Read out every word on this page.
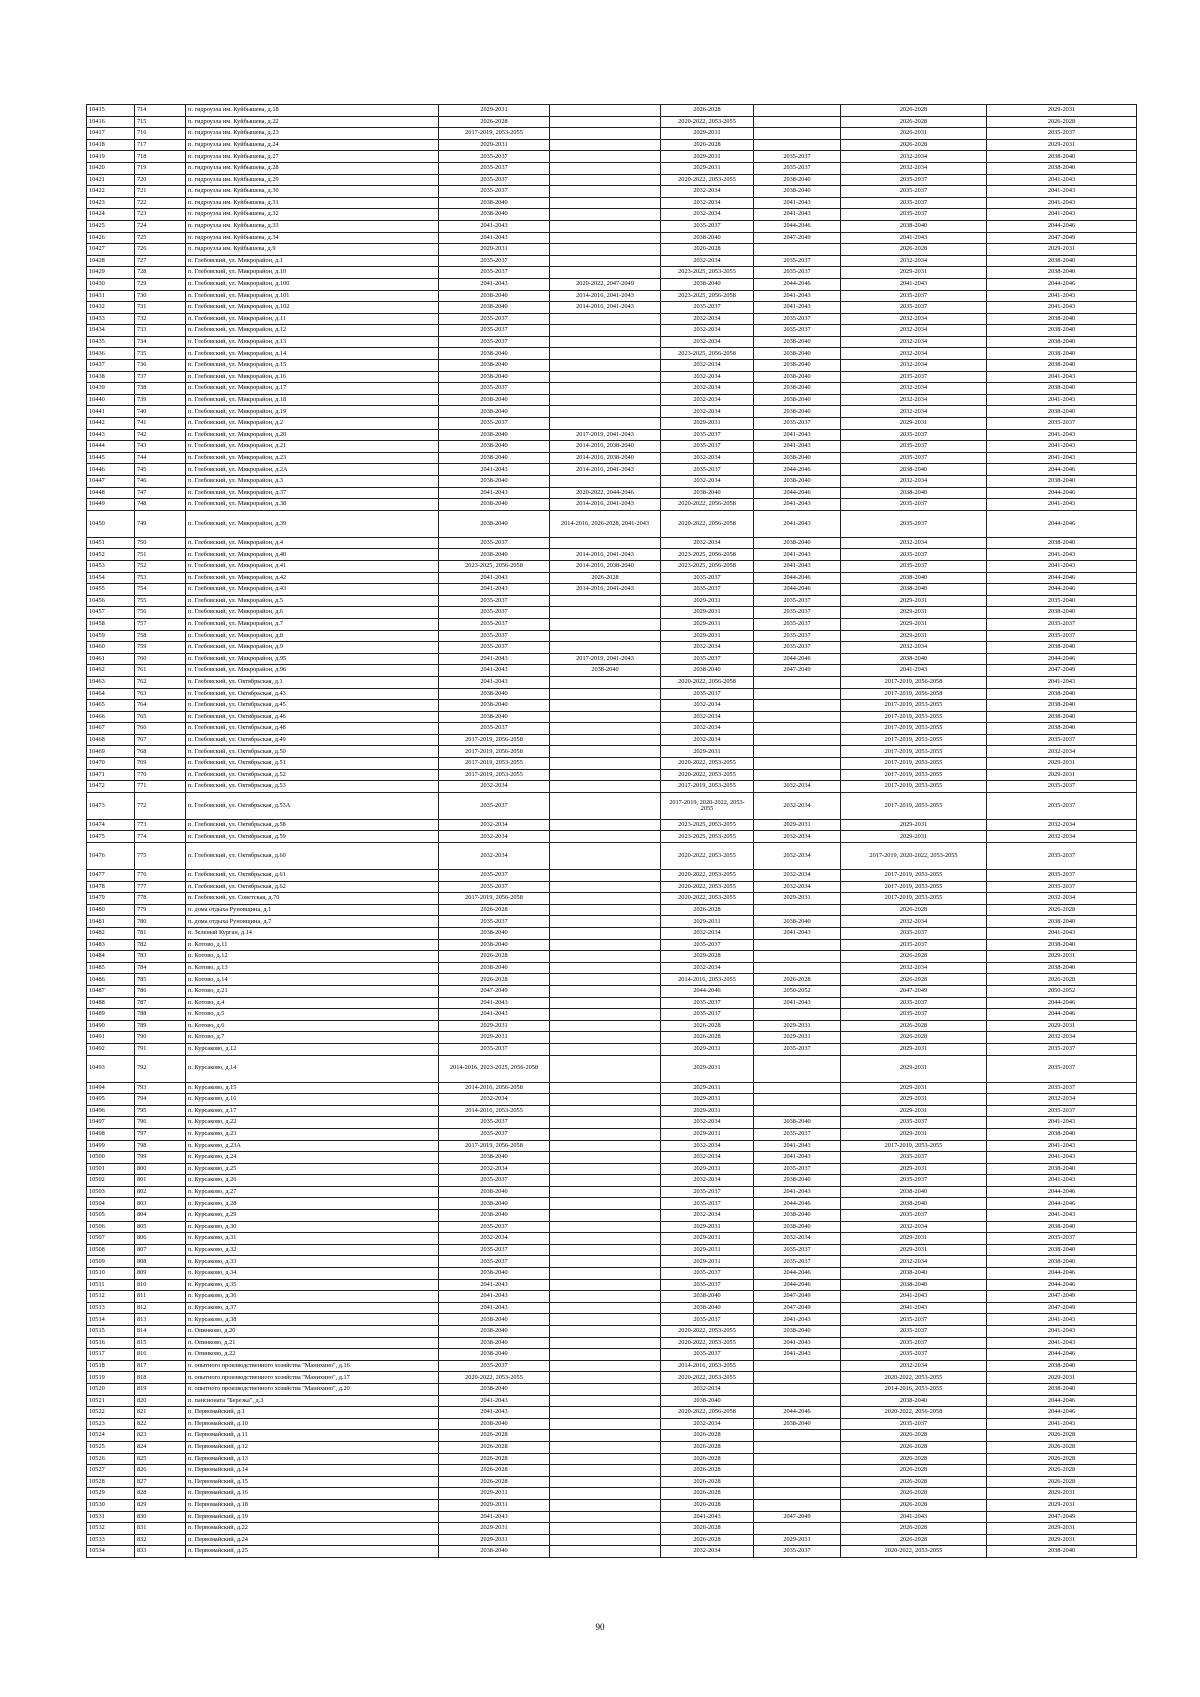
10415	714	п. гидроузла им. Куйбышева, д.18	2029-2031		2026-2028		2026-2028	2029-2031
10416	715	п. гидроузла им. Куйбышева, д.22	2026-2028		2020-2022, 2053-2055		2026-2028	2026-2028
10417	716	п. гидроузла им. Куйбышева, д.23	2017-2019, 2053-2055		2029-2031		2026-2031	2035-2037
10418	717	п. гидроузла им. Куйбышева, д.24	2029-2031		2026-2028		2026-2028	2029-2031
10419	718	п. гидроузла им. Куйбышева, д.27	2035-2037		2029-2031	2035-2037	2032-2034	2038-2040
10420	719	п. гидроузла им. Куйбышева, д.28	2035-2037		2029-2031	2035-2037	2032-2034	2038-2040
10421	720	п. гидроузла им. Куйбышева, д.29	2035-2037		2020-2022, 2053-2055	2038-2040	2035-2037	2041-2043
10422	721	п. гидроузла им. Куйбышева, д.30	2035-2037		2032-2034	2038-2040	2035-2037	2041-2043
10423	722	п. гидроузла им. Куйбышева, д.31	2038-2040		2032-2034	2041-2043	2035-2037	2041-2043
10424	723	п. гидроузла им. Куйбышева, д.32	2038-2040		2032-2034	2041-2043	2035-2037	2041-2043
10425	724	п. гидроузла им. Куйбышева, д.33	2041-2043		2035-2037	2044-2046	2038-2040	2044-2046
10426	725	п. гидроузла им. Куйбышева, д.34	2041-2043		2038-2040	2047-2049	2041-2043	2047-2049
10427	726	п. гидроузла им. Куйбышева, д.9	2029-2031		2026-2028		2026-2028	2029-2031
10428	727	п. Глебовский, ул. Микрорайон, д.1	2035-2037		2032-2034	2035-2037	2032-2034	2038-2040
10429	728	п. Глебовский, ул. Микрорайон, д.10	2035-2037		2023-2025, 2053-2055	2035-2037	2029-2031	2038-2040
10430	729	п. Глебовский, ул. Микрорайон, д.100	2041-2043	2020-2022, 2047-2049	2038-2040	2044-2046	2041-2043	2044-2046
10431	730	п. Глебовский, ул. Микрорайон, д.101	2038-2040	2014-2016, 2041-2043	2023-2025, 2056-2058	2041-2043	2035-2037	2041-2043
10432	731	п. Глебовский, ул. Микрорайон, д.102	2038-2040	2014-2016, 2041-2043	2035-2037	2041-2043	2035-2037	2041-2043
10433	732	п. Глебовский, ул. Микрорайон, д.11	2035-2037		2032-2034	2035-2037	2032-2034	2038-2040
10434	733	п. Глебовский, ул. Микрорайон, д.12	2035-2037		2032-2034	2035-2037	2032-2034	2038-2040
10435	734	п. Глебовский, ул. Микрорайон, д.13	2035-2037		2032-2034	2038-2040	2032-2034	2038-2040
10436	735	п. Глебовский, ул. Микрорайон, д.14	2038-2040		2023-2025, 2056-2058	2038-2040	2032-2034	2038-2040
10437	736	п. Глебовский, ул. Микрорайон, д.15	2038-2040		2032-2034	2038-2040	2032-2034	2038-2040
10438	737	п. Глебовский, ул. Микрорайон, д.16	2038-2040		2032-2034	2038-2040	2035-2037	2041-2043
10439	738	п. Глебовский, ул. Микрорайон, д.17	2035-2037		2032-2034	2038-2040	2032-2034	2038-2040
10440	739	п. Глебовский, ул. Микрорайон, д.18	2038-2040		2032-2034	2038-2040	2032-2034	2041-2043
10441	740	п. Глебовский, ул. Микрорайон, д.19	2038-2040		2032-2034	2038-2040	2032-2034	2038-2040
10442	741	п. Глебовский, ул. Микрорайон, д.2	2035-2037		2029-2031	2035-2037	2029-2031	2035-2037
10443	742	п. Глебовский, ул. Микрорайон, д.20	2038-2040	2017-2019, 2041-2043	2035-2037	2041-2043	2035-2037	2041-2043
10444	743	п. Глебовский, ул. Микрорайон, д.21	2038-2040	2014-2016, 2038-2040	2035-2037	2041-2043	2035-2037	2041-2043
10445	744	п. Глебовский, ул. Микрорайон, д.23	2038-2040	2014-2016, 2038-2040	2032-2034	2038-2040	2035-2037	2041-2043
10446	745	п. Глебовский, ул. Микрорайон, д.2А	2041-2043	2014-2016, 2041-2043	2035-2037	2044-2046	2038-2040	2044-2046
10447	746	п. Глебовский, ул. Микрорайон, д.3	2038-2040		2032-2034	2038-2040	2032-2034	2038-2040
10448	747	п. Глебовский, ул. Микрорайон, д.37	2041-2043	2020-2022, 2044-2046	2038-2040	2044-2046	2038-2040	2044-2046
10449	748	п. Глебовский, ул. Микрорайон, д.38	2038-2040	2014-2016, 2041-2043	2020-2022, 2056-2058	2041-2043	2035-2037	2041-2043
10450	749	п. Глебовский, ул. Микрорайон, д.39	2038-2040	2014-2016, 2026-2028, 2041-2043	2020-2022, 2056-2058	2041-2043	2035-2037	2044-2046
10451	750	п. Глебовский, ул. Микрорайон, д.4	2035-2037		2032-2034	2038-2040	2032-2034	2038-2040
10452	751	п. Глебовский, ул. Микрорайон, д.40	2038-2040	2014-2016, 2041-2043	2023-2025, 2056-2058	2041-2043	2035-2037	2041-2043
10453	752	п. Глебовский, ул. Микрорайон, д.41	2023-2025, 2056-2058	2014-2016, 2038-2040	2023-2025, 2056-2058	2041-2043	2035-2037	2041-2043
10454	753	п. Глебовский, ул. Микрорайон, д.42	2041-2043	2026-2028	2035-2037	2044-2046	2038-2040	2044-2046
10455	754	п. Глебовский, ул. Микрорайон, д.43	2041-2043	2014-2016, 2041-2043	2035-2037	2044-2046	2038-2040	2044-2046
10456	755	п. Глебовский, ул. Микрорайон, д.5	2035-2037		2029-2031	2035-2037	2029-2031	2035-2040
10457	756	п. Глебовский, ул. Микрорайон, д.6	2035-2037		2029-2031	2035-2037	2029-2031	2038-2040
10458	757	п. Глебовский, ул. Микрорайон, д.7	2035-2037		2029-2031	2035-2037	2029-2031	2035-2037
10459	758	п. Глебовский, ул. Микрорайон, д.8	2035-2037		2029-2031	2035-2037	2029-2031	2035-2037
10460	759	п. Глебовский, ул. Микрорайон, д.9	2035-2037		2032-2034	2035-2037	2032-2034	2038-2040
10461	760	п. Глебовский, ул. Микрорайон, д.95	2041-2043	2017-2019, 2041-2043	2035-2037	2044-2046	2038-2040	2044-2046
10462	761	п. Глебовский, ул. Микрорайон, д.96	2041-2043	2038-2040	2038-2040	2047-2049	2041-2043	2047-2049
10463	762	п. Глебовский, ул. Октябрьская, д.1	2041-2043		2020-2022, 2056-2058		2017-2019, 2056-2058	2041-2043
10464	763	п. Глебовский, ул. Октябрьская, д.43	2038-2040		2035-2037		2017-2019, 2056-2058	2038-2040
10465	764	п. Глебовский, ул. Октябрьская, д.45	2038-2040		2032-2034		2017-2019, 2053-2055	2038-2040
10466	765	п. Глебовский, ул. Октябрьская, д.46	2038-2040		2032-2034		2017-2019, 2053-2055	2038-2040
10467	766	п. Глебовский, ул. Октябрьская, д.48	2035-2037		2032-2034		2017-2019, 2053-2055	2038-2040
10468	767	п. Глебовский, ул. Октябрьская, д.49	2017-2019, 2056-2058		2032-2034		2017-2019, 2053-2055	2035-2037
10469	768	п. Глебовский, ул. Октябрьская, д.50	2017-2019, 2056-2058		2029-2031		2017-2019, 2053-2055	2032-2034
10470	769	п. Глебовский, ул. Октябрьская, д.51	2017-2019, 2053-2055		2020-2022, 2053-2055		2017-2019, 2053-2055	2029-2031
10471	770	п. Глебовский, ул. Октябрьская, д.52	2017-2019, 2053-2055		2020-2022, 2053-2055		2017-2019, 2053-2055	2029-2031
10472	771	п. Глебовский, ул. Октябрьская, д.53	2032-2034		2017-2019, 2053-2055	2032-2034	2017-2019, 2053-2055	2035-2037
10473	772	п. Глебовский, ул. Октябрьская, д.53А	2035-2037		2017-2019, 2020-2022, 2053-2055	2032-2034	2017-2019, 2053-2055	2035-2037
10474	773	п. Глебовский, ул. Октябрьская, д.58	2032-2034		2023-2025, 2053-2055	2029-2031	2029-2031	2032-2034
10475	774	п. Глебовский, ул. Октябрьская, д.59	2032-2034		2023-2025, 2053-2055	2032-2034	2029-2031	2032-2034
10476	775	п. Глебовский, ул. Октябрьская, д.60	2032-2034		2020-2022, 2053-2055	2032-2034	2017-2019, 2020-2022, 2053-2055	2035-2037
10477	776	п. Глебовский, ул. Октябрьская, д.61	2035-2037		2020-2022, 2053-2055	2032-2034	2017-2019, 2053-2055	2035-2037
10478	777	п. Глебовский, ул. Октябрьская, д.62	2035-2037		2020-2022, 2053-2055	2032-2034	2017-2019, 2053-2055	2035-2037
10479	778	п. Глебовский, ул. Советская, д.70	2017-2019, 2056-2058		2020-2022, 2053-2055	2029-2031	2017-2019, 2053-2055	2032-2034
10480	779	п. дома отдыха Руновщина, д.1	2026-2028		2026-2028		2026-2028	2026-2028
10481	780	п. дома отдыха Руновщина, д.7	2035-2037		2029-2031	2038-2040	2032-2034	2038-2040
10482	781	п. Зеленый Курган, д.14	2038-2040		2032-2034	2041-2043	2035-2037	2041-2043
10483	782	п. Котово, д.11	2038-2040		2035-2037		2035-2037	2038-2040
10484	783	п. Котово, д.12	2026-2028		2029-2028		2026-2028	2029-2031
10485	784	п. Котово, д.13	2038-2040		2032-2034		2032-2034	2038-2040
10486	785	п. Котово, д.14	2026-2028		2014-2016, 2053-2055	2026-2028	2026-2028	2026-2028
10487	786	п. Котово, д.21	2047-2049		2044-2046	2050-2052	2047-2049	2050-2052
10488	787	п. Котово, д.4	2041-2043		2035-2037	2041-2043	2035-2037	2044-2046
10489	788	п. Котово, д.5	2041-2043		2035-2037		2035-2037	2044-2046
10490	789	п. Котово, д.6	2029-2031		2026-2028	2029-2031	2026-2028	2029-2031
10491	790	п. Котово, д.7	2029-2031		2026-2028	2029-2031	2026-2028	2032-2034
10492	791	п. Курсаково, д.12	2035-2037		2029-2031	2035-2037	2029-2031	2035-2037
10493	792	п. Курсаково, д.14	2014-2016, 2023-2025, 2056-2058		2029-2031		2029-2031	2035-2037
10494	793	п. Курсаково, д.15	2014-2016, 2056-2058		2029-2031		2029-2031	2035-2037
10495	794	п. Курсаково, д.16	2032-2034		2029-2031		2029-2031	2032-2034
10496	795	п. Курсаково, д.17	2014-2016, 2053-2055		2029-2031		2029-2031	2035-2037
10497	796	п. Курсаково, д.22	2035-2037		2032-2034	2038-2040	2035-2037	2041-2043
10498	797	п. Курсаково, д.23	2035-2037		2029-2031	2035-2037	2029-2031	2038-2040
10499	798	п. Курсаково, д.23А	2017-2019, 2056-2058		2032-2034	2041-2043	2017-2019, 2053-2055	2041-2043
10500	799	п. Курсаково, д.24	2038-2040		2032-2034	2041-2043	2035-2037	2041-2043
10501	800	п. Курсаково, д.25	2032-2034		2029-2031	2035-2037	2029-2031	2038-2040
10502	801	п. Курсаково, д.26	2035-2037		2032-2034	2038-2040	2035-2037	2041-2043
10503	802	п. Курсаково, д.27	2038-2040		2035-2037	2041-2043	2038-2040	2044-2046
10504	803	п. Курсаково, д.28	2038-2040		2035-2037	2044-2046	2038-2040	2044-2046
10505	804	п. Курсаково, д.29	2038-2040		2032-2034	2038-2040	2035-2037	2041-2043
10506	805	п. Курсаково, д.30	2035-2037		2029-2031	2038-2040	2032-2034	2038-2040
10507	806	п. Курсаково, д.31	2032-2034		2029-2031	2032-2034	2029-2031	2035-2037
10508	807	п. Курсаково, д.32	2035-2037		2029-2031	2035-2037	2029-2031	2038-2040
10509	808	п. Курсаково, д.33	2035-2037		2029-2031	2035-2037	2032-2034	2038-2040
10510	809	п. Курсаково, д.34	2038-2040		2035-2037	2044-2046	2038-2040	2044-2046
10511	810	п. Курсаково, д.35	2041-2043		2035-2037	2044-2046	2038-2040	2044-2046
10512	811	п. Курсаково, д.36	2041-2043		2038-2040	2047-2049	2041-2043	2047-2049
10513	812	п. Курсаково, д.37	2041-2043		2038-2040	2047-2049	2041-2043	2047-2049
10514	813	п. Курсаково, д.38	2038-2040		2035-2037	2041-2043	2035-2037	2041-2043
10515	814	п. Опинково, д.20	2038-2040		2020-2022, 2053-2055	2038-2040	2035-2037	2041-2043
10516	815	п. Опинково, д.21	2038-2040		2020-2022, 2053-2055	2041-2043	2035-2037	2041-2043
10517	816	п. Опинково, д.22	2038-2040		2035-2037	2041-2043	2035-2037	2044-2046
10518	817	п. опытного производственного хозяйства "Манихино", д.16	2035-2037		2014-2016, 2053-2055		2032-2034	2038-2040
10519	818	п. опытного производственного хозяйства "Манихино", д.17	2020-2022, 2053-2055		2020-2022, 2053-2055		2020-2022, 2053-2055	2029-2031
10520	819	п. опытного производственного хозяйства "Манихино", д.20	2038-2040		2032-2034		2014-2016, 2053-2055	2038-2040
10521	820	п. пансионата "Березка", д.3	2041-2043		2038-2040		2038-2040	2044-2046
10522	821	п. Первомайский, д.1	2041-2043		2020-2022, 2056-2058	2044-2046	2020-2022, 2056-2058	2044-2046
10523	822	п. Первомайский, д.10	2038-2040		2032-2034	2038-2040	2035-2037	2041-2043
10524	823	п. Первомайский, д.11	2026-2028		2026-2028		2026-2028	2026-2028
10525	824	п. Первомайский, д.12	2026-2028		2026-2028		2026-2028	2026-2028
10526	825	п. Первомайский, д.13	2026-2028		2026-2028		2026-2028	2026-2028
10527	826	п. Первомайский, д.14	2026-2028		2026-2028		2026-2028	2026-2028
10528	827	п. Первомайский, д.15	2026-2028		2026-2028		2026-2028	2026-2028
10529	828	п. Первомайский, д.16	2029-2031		2026-2028		2026-2028	2029-2031
10530	829	п. Первомайский, д.18	2029-2031		2026-2028		2026-2028	2029-2031
10531	830	п. Первомайский, д.19	2041-2043		2041-2043	2047-2049	2041-2043	2047-2049
10532	831	п. Первомайский, д.22	2029-2031		2026-2028		2026-2028	2029-2031
10533	832	п. Первомайский, д.24	2029-2031		2026-2028	2029-2031	2026-2028	2029-2031
10534	833	п. Первомайский, д.25	2038-2040		2032-2034	2035-2037	2020-2022, 2053-2055	2038-2040
90
